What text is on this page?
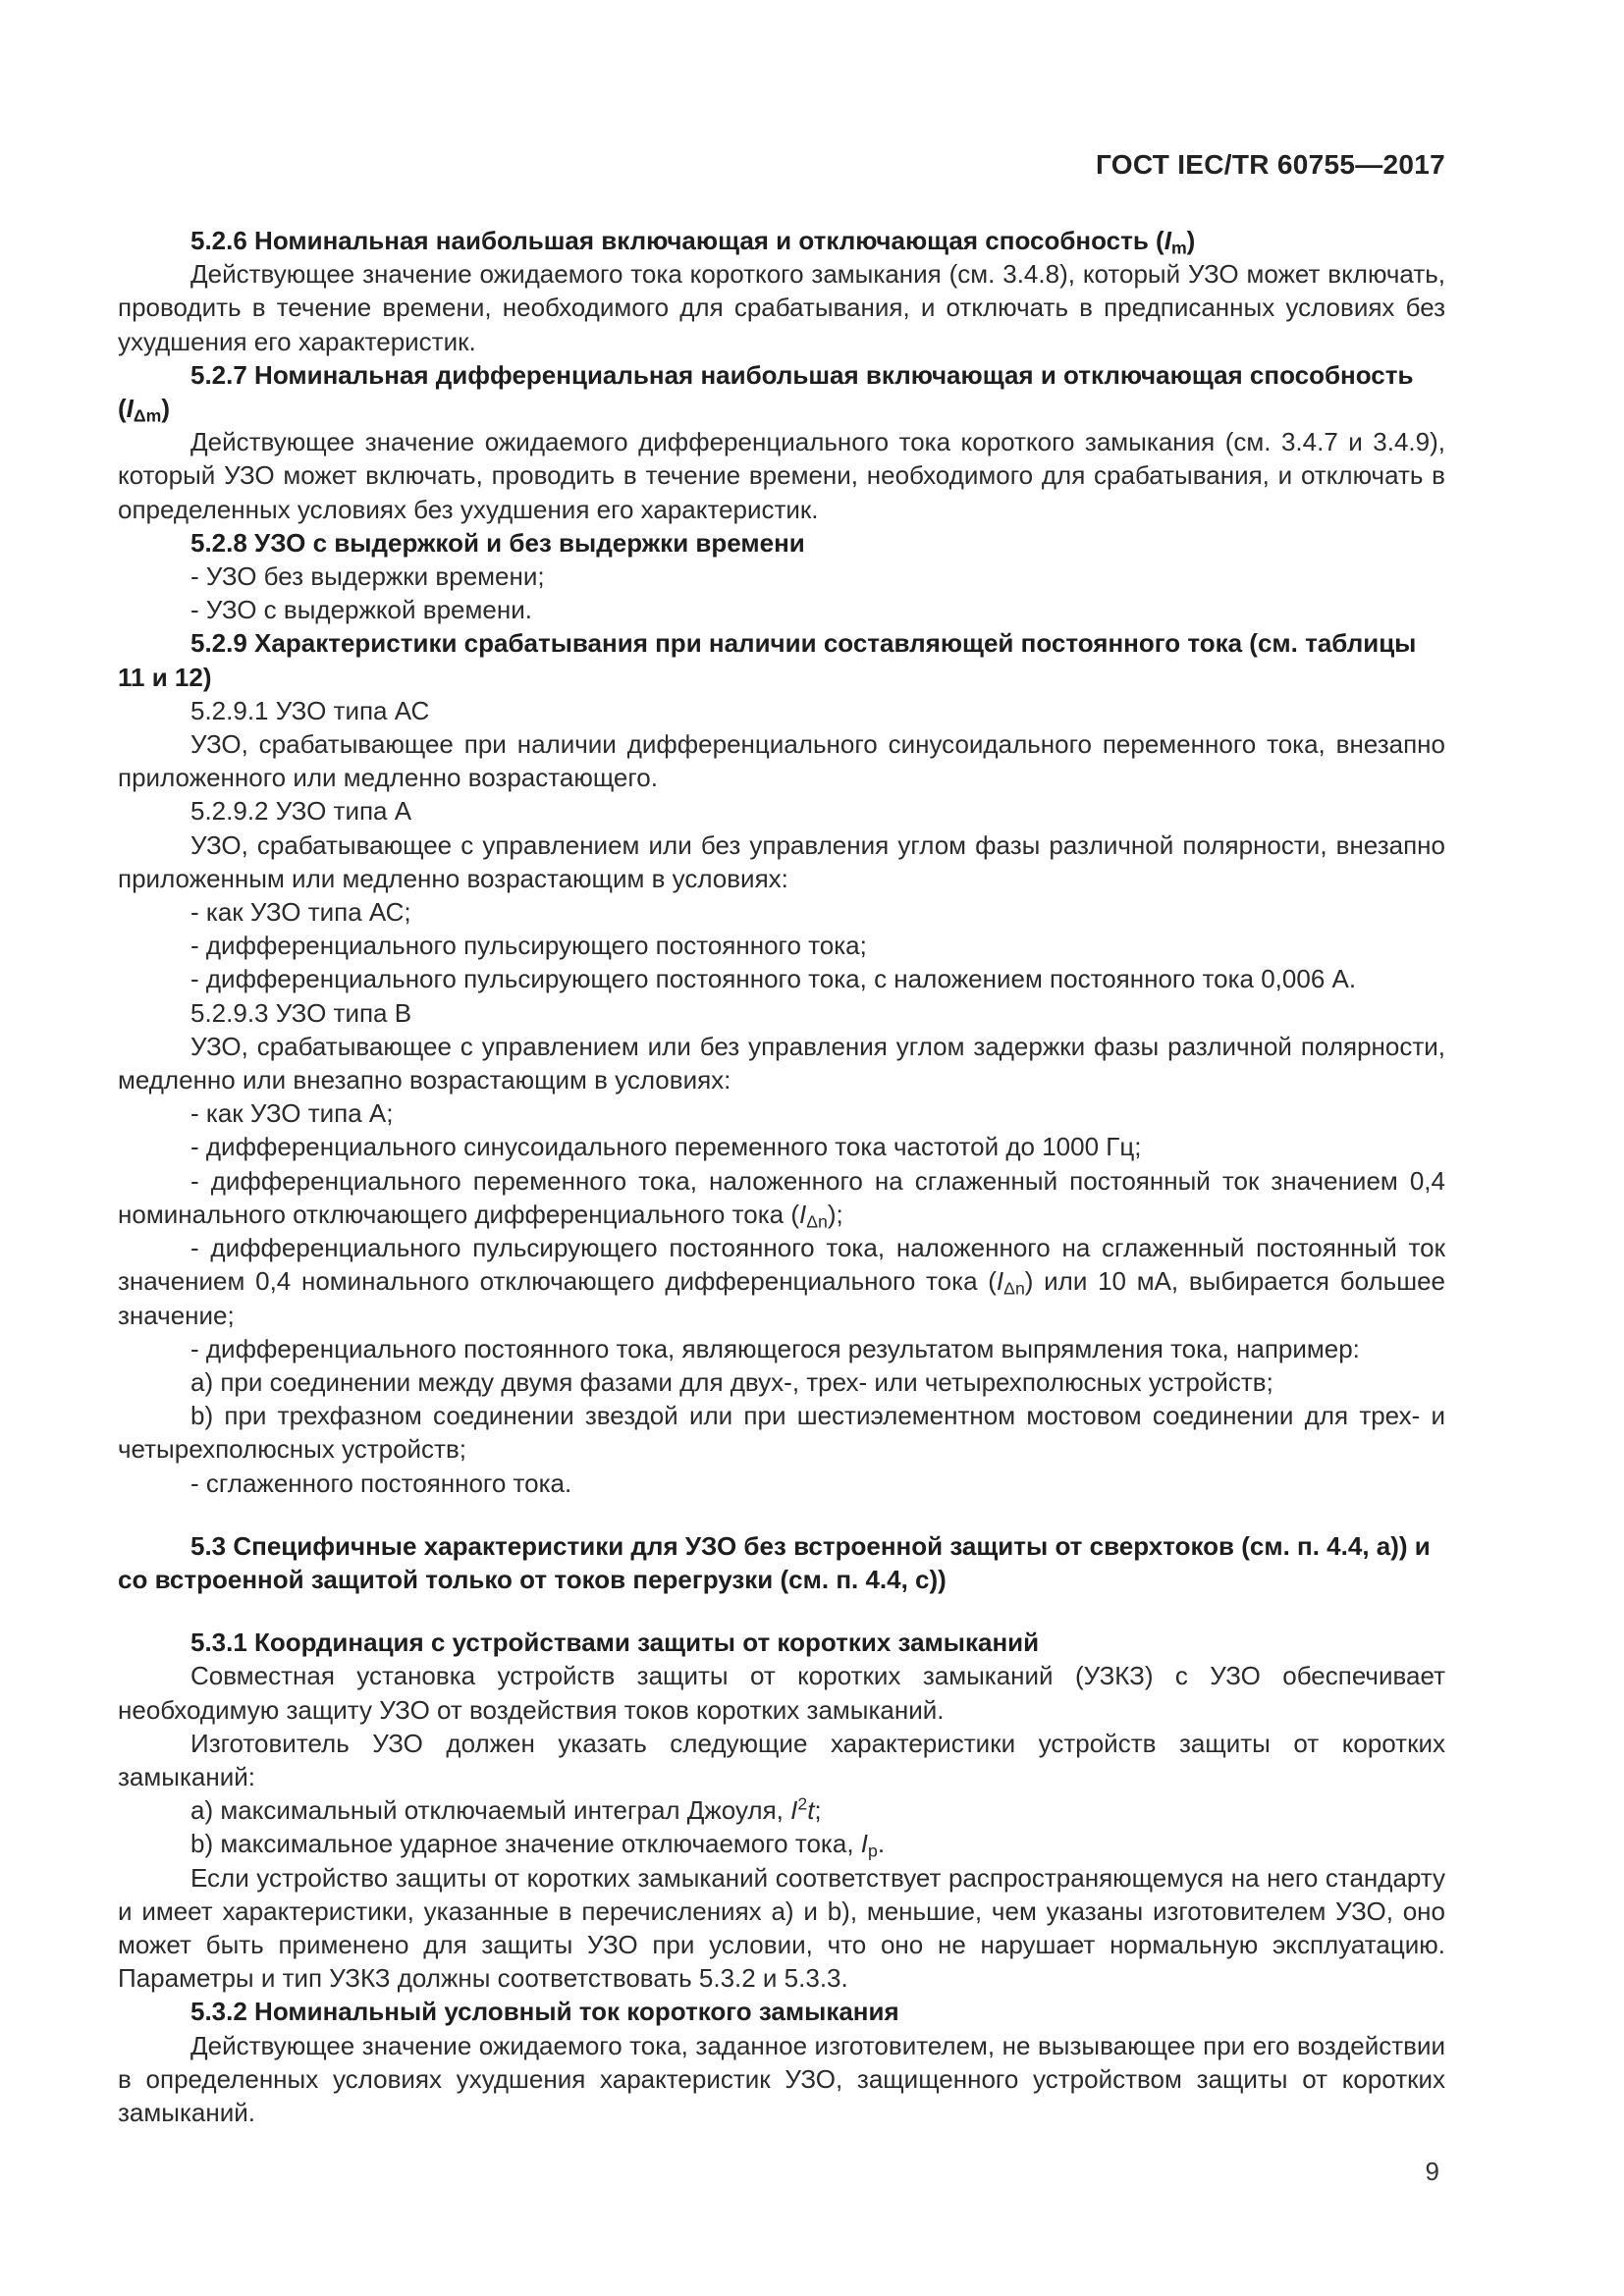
ГОСТ IEC/TR 60755—2017

5.2.6 Номинальная наибольшая включающая и отключающая способность $(I_m)$

Действующее значение ожидаемого тока короткого замыкания (см. 3.4.8), который УЗО может включать, проводить в течение времени, необходимого для срабатывания, и отключать в предписанных условиях без ухудшения его характеристик.

5.2.7 Номинальная дифференциальная наибольшая включающая и отключающая способность $(I_{\Delta m})$

Действующее значение ожидаемого дифференциального тока короткого замыкания (см. 3.4.7 и 3.4.9), который УЗО может включать, проводить в течение времени, необходимого для срабатывания, и отключать в определенных условиях без ухудшения его характеристик.

5.2.8 УЗО с выдержкой и без выдержки времени

- УЗО без выдержки времени;

- УЗО с выдержкой времени.

5.2.9 Характеристики срабатывания при наличии составляющей постоянного тока (см. таблицы 11 и 12)

5.2.9.1 УЗО типа АС

УЗО, срабатывающее при наличии дифференциального синусоидального переменного тока, внезапно приложенного или медленно возрастающего.

5.2.9.2 УЗО типа А

УЗО, срабатывающее с управлением или без управления углом фазы различной полярности, внезапно приложенным или медленно возрастающим в условиях:

- как УЗО типа АС;

- дифференциального пульсирующего постоянного тока;

- дифференциального пульсирующего постоянного тока, с наложением постоянного тока 0,006 А.

5.2.9.3 УЗО типа В

УЗО, срабатывающее с управлением или без управления углом задержки фазы различной полярности, медленно или внезапно возрастающим в условиях:

- как УЗО типа А;

- дифференциального синусоидального переменного тока частотой до 1000 Гц;

- дифференциального переменного тока, наложенного на сглаженный постоянный ток значением 0,4 номинального отключающего дифференциального тока $(I_{\Delta n})$;

- дифференциального пульсирующего постоянного тока, наложенного на сглаженный постоянный ток значением 0,4 номинального отключающего дифференциального тока $(I_{\Delta n})$ или 10 мА, выбирается большее значение;

- дифференциального постоянного тока, являющегося результатом выпрямления тока, например:

a) при соединении между двумя фазами для двух-, трех- или четырехполюсных устройств;

b) при трехфазном соединении звездой или при шестиэлементном мостовом соединении для трех- и четырехполюсных устройств;

- сглаженного постоянного тока.

5.3 Специфичные характеристики для УЗО без встроенной защиты от сверхтоков (см. п. 4.4, а)) и со встроенной защитой только от токов перегрузки (см. п. 4.4, с))

5.3.1 Координация с устройствами защиты от коротких замыканий

Совместная установка устройств защиты от коротких замыканий (УЗКЗ) с УЗО обеспечивает необходимую защиту УЗО от воздействия токов коротких замыканий.

Изготовитель УЗО должен указать следующие характеристики устройств защиты от коротких замыканий:

a) максимальный отключаемый интеграл Джоуля, $I^2t$;

b) максимальное ударное значение отключаемого тока, $I_p$.

Если устройство защиты от коротких замыканий соответствует распространяющемуся на него стандарту и имеет характеристики, указанные в перечислениях а) и b), меньшие, чем указаны изготовителем УЗО, оно может быть применено для защиты УЗО при условии, что оно не нарушает нормальную эксплуатацию. Параметры и тип УЗКЗ должны соответствовать 5.3.2 и 5.3.3.

5.3.2 Номинальный условный ток короткого замыкания

Действующее значение ожидаемого тока, заданное изготовителем, не вызывающее при его воздействии в определенных условиях ухудшения характеристик УЗО, защищенного устройством защиты от коротких замыканий.

9
